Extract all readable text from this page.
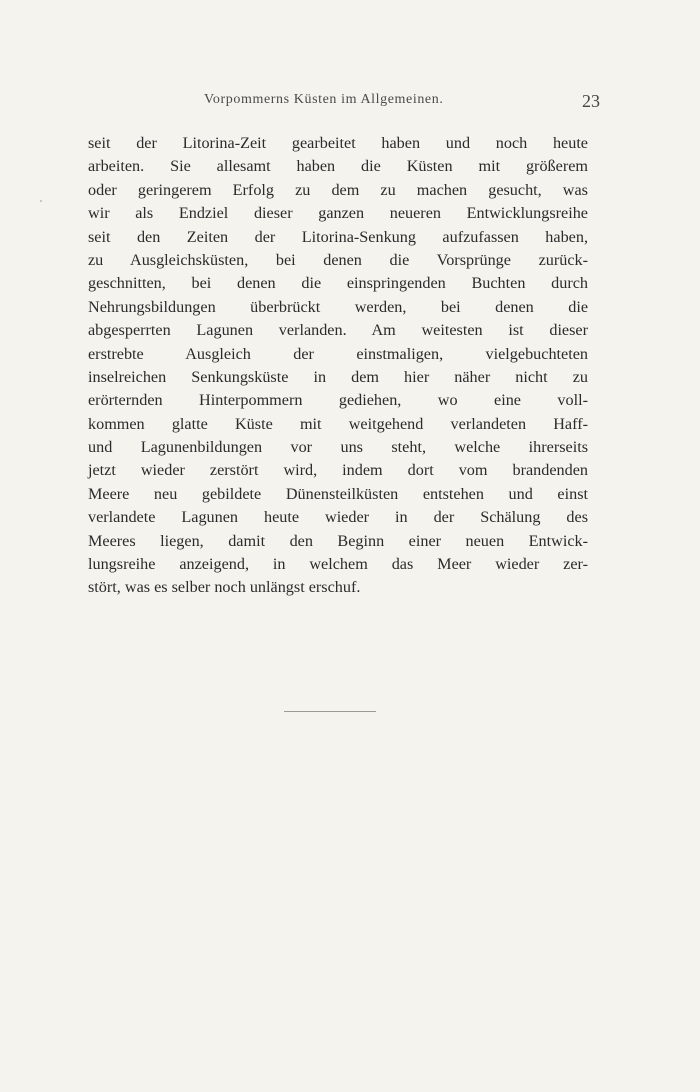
Vorpommerns Küsten im Allgemeinen.	23
seit der Litorina-Zeit gearbeitet haben und noch heute
arbeiten. Sie allesamt haben die Küsten mit größerem
oder geringerem Erfolg zu dem zu machen gesucht, was
wir als Endziel dieser ganzen neueren Entwicklungsreihe
seit den Zeiten der Litorina-Senkung aufzufassen haben,
zu Ausgleichsküsten, bei denen die Vorsprünge zurück-
geschnitten, bei denen die einspringenden Buchten durch
Nehrungsbildungen überbrückt werden, bei denen die
abgesperrten Lagunen verlanden. Am weitesten ist dieser
erstrebte Ausgleich der einstmaligen, vielgebuchteten
inselreichen Senkungsküste in dem hier näher nicht zu
erörternden Hinterpommern gediehen, wo eine voll-
kommen glatte Küste mit weitgehend verlandeten Haff-
und Lagunenbildungen vor uns steht, welche ihrerseits
jetzt wieder zerstört wird, indem dort vom brandenden
Meere neu gebildete Dünensteilküsten entstehen und einst
verlandete Lagunen heute wieder in der Schälung des
Meeres liegen, damit den Beginn einer neuen Entwick-
lungsreihe anzeigend, in welchem das Meer wieder zer-
stört, was es selber noch unlängst erschuf.
